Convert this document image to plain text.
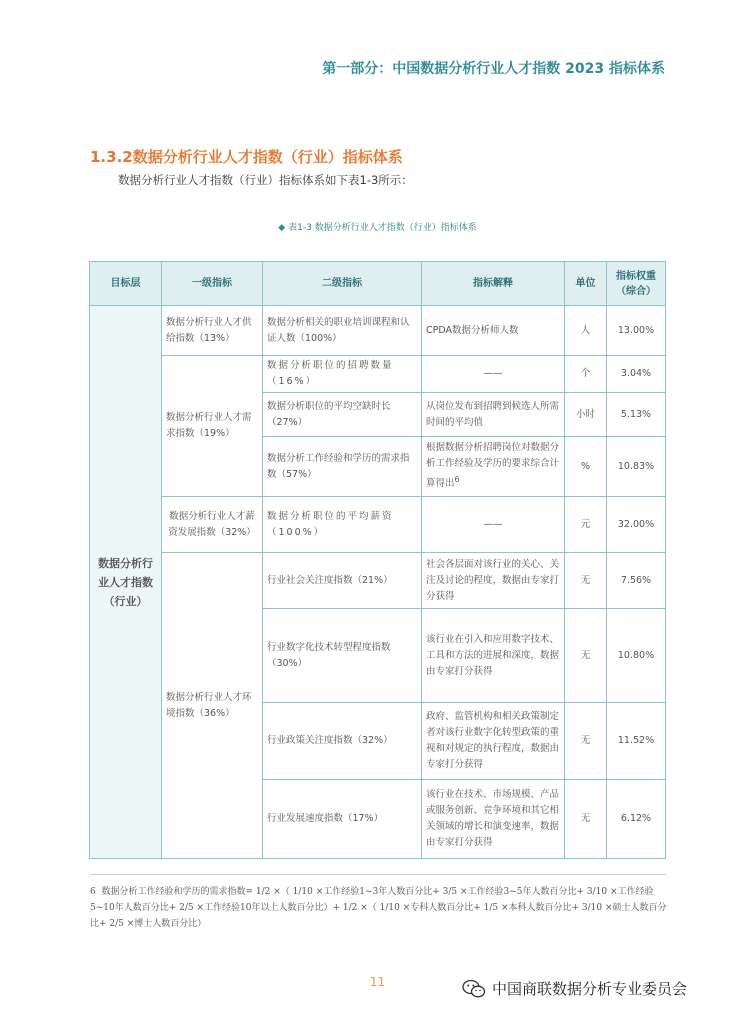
第一部分：中国数据分析行业人才指数 2023 指标体系
1.3.2数据分析行业人才指数（行业）指标体系
数据分析行业人才指数（行业）指标体系如下表1-3所示：
◆ 表1-3 数据分析行业人才指数（行业）指标体系
目标层	一级指标	二级指标	指标解释	单位	指标权重（综合）
数据分析行业人才指数（行业）	数据分析行业人才供给指数（13%）	数据分析相关的职业培训课程和认证人数（100%）	CPDA数据分析师人数	人	13.00%
	数据分析行业人才需求指数（19%）	数据分析职位的招聘数量（16%）	——	个	3.04%
		数据分析职位的平均空缺时长（27%）	从岗位发布到招聘到候选人所需时间的平均值	小时	5.13%
		数据分析工作经验和学历的需求指数（57%）	根据数据分析招聘岗位对数据分析工作经验及学历的要求综合计算得出$^6$	%	10.83%
	数据分析行业人才薪资发展指数（32%）	数据分析职位的平均薪资（100%）	——	元	32.00%
	数据分析行业人才环境指数（36%）	行业社会关注度指数（21%）	社会各层面对该行业的关心、关注及讨论的程度，数据由专家打分获得	无	7.56%
		行业数字化技术转型程度指数（30%）	该行业在引入和应用数字技术、工具和方法的进展和深度，数据由专家打分获得	无	10.80%
		行业政策关注度指数（32%）	政府、监管机构和相关政策制定者对该行业数字化转型政策的重视和对规定的执行程度，数据由专家打分获得	无	11.52%
		行业发展速度指数（17%）	该行业在技术、市场规模、产品或服务创新、竞争环境和其它相关领域的增长和演变速率，数据由专家打分获得	无	6.12%
6 数据分析工作经验和学历的需求指数= 1/2 ×（ 1/10 ×工作经验1~3年人数百分比+ 3/5 ×工作经验3~5年人数百分比+ 3/10 ×工作经验5~10年人数百分比+ 2/5 ×工作经验10年以上人数百分比）+ 1/2 ×（ 1/10 ×专科人数百分比+ 1/5 ×本科人数百分比+ 3/10 ×硕士人数百分比+ 2/5 ×博士人数百分比）
11	中国商联数据分析专业委员会
